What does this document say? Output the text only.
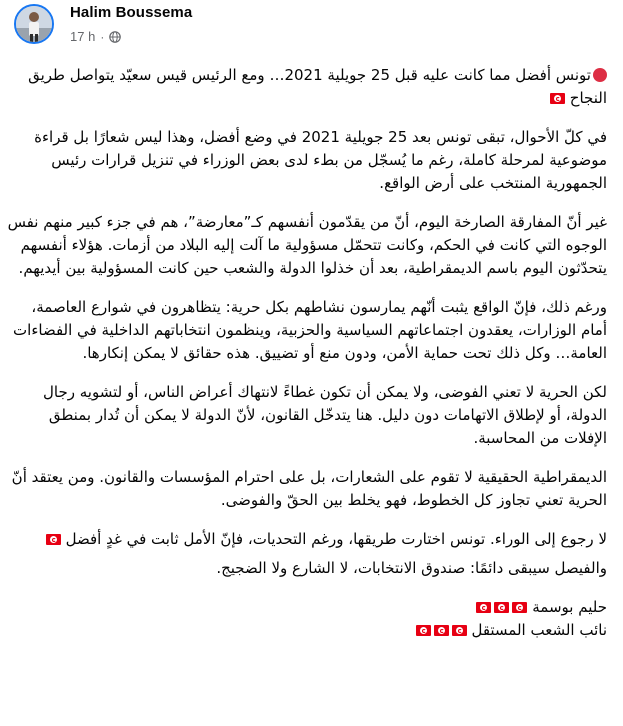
Halim Boussema
17 h ·

تونس أفضل مما كانت عليه قبل 25 جويلية 2021… ومع الرئيس قيس سعيّد يتواصل طريق النجاح

في كلّ الأحوال، تبقى تونس بعد 25 جويلية 2021 في وضع أفضل، وهذا ليس شعارًا بل قراءة موضوعية لمرحلة كاملة، رغم ما يُسجّل من بطء لدى بعض الوزراء في تنزيل قرارات رئيس الجمهورية المنتخب على أرض الواقع.

غير أنّ المفارقة الصارخة اليوم، أنّ من يقدّمون أنفسهم كـ”معارضة”، هم في جزء كبير منهم نفس الوجوه التي كانت في الحكم، وكانت تتحمّل مسؤولية ما آلت إليه البلاد من أزمات. هؤلاء أنفسهم يتحدّثون اليوم باسم الديمقراطية، بعد أن خذلوا الدولة والشعب حين كانت المسؤولية بين أيديهم.

ورغم ذلك، فإنّ الواقع يثبت أنّهم يمارسون نشاطهم بكل حرية: يتظاهرون في شوارع العاصمة، أمام الوزارات، يعقدون اجتماعاتهم السياسية والحزبية، وينظمون انتخاباتهم الداخلية في الفضاءات العامة… وكل ذلك تحت حماية الأمن، ودون منع أو تضييق. هذه حقائق لا يمكن إنكارها.

لكن الحرية لا تعني الفوضى، ولا يمكن أن تكون غطاءً لانتهاك أعراض الناس، أو لتشويه رجال الدولة، أو لإطلاق الاتهامات دون دليل. هنا يتدخّل القانون، لأنّ الدولة لا يمكن أن تُدار بمنطق الإفلات من المحاسبة.

الديمقراطية الحقيقية لا تقوم على الشعارات، بل على احترام المؤسسات والقانون. ومن يعتقد أنّ الحرية تعني تجاوز كل الخطوط، فهو يخلط بين الحقّ والفوضى.

لا رجوع إلى الوراء. تونس اختارت طريقها، ورغم التحديات، فإنّ الأمل ثابت في غدٍ أفضل

والفيصل سيبقى دائمًا: صندوق الانتخابات، لا الشارع ولا الضجيج.

حليم بوسمة

نائب الشعب المستقل
